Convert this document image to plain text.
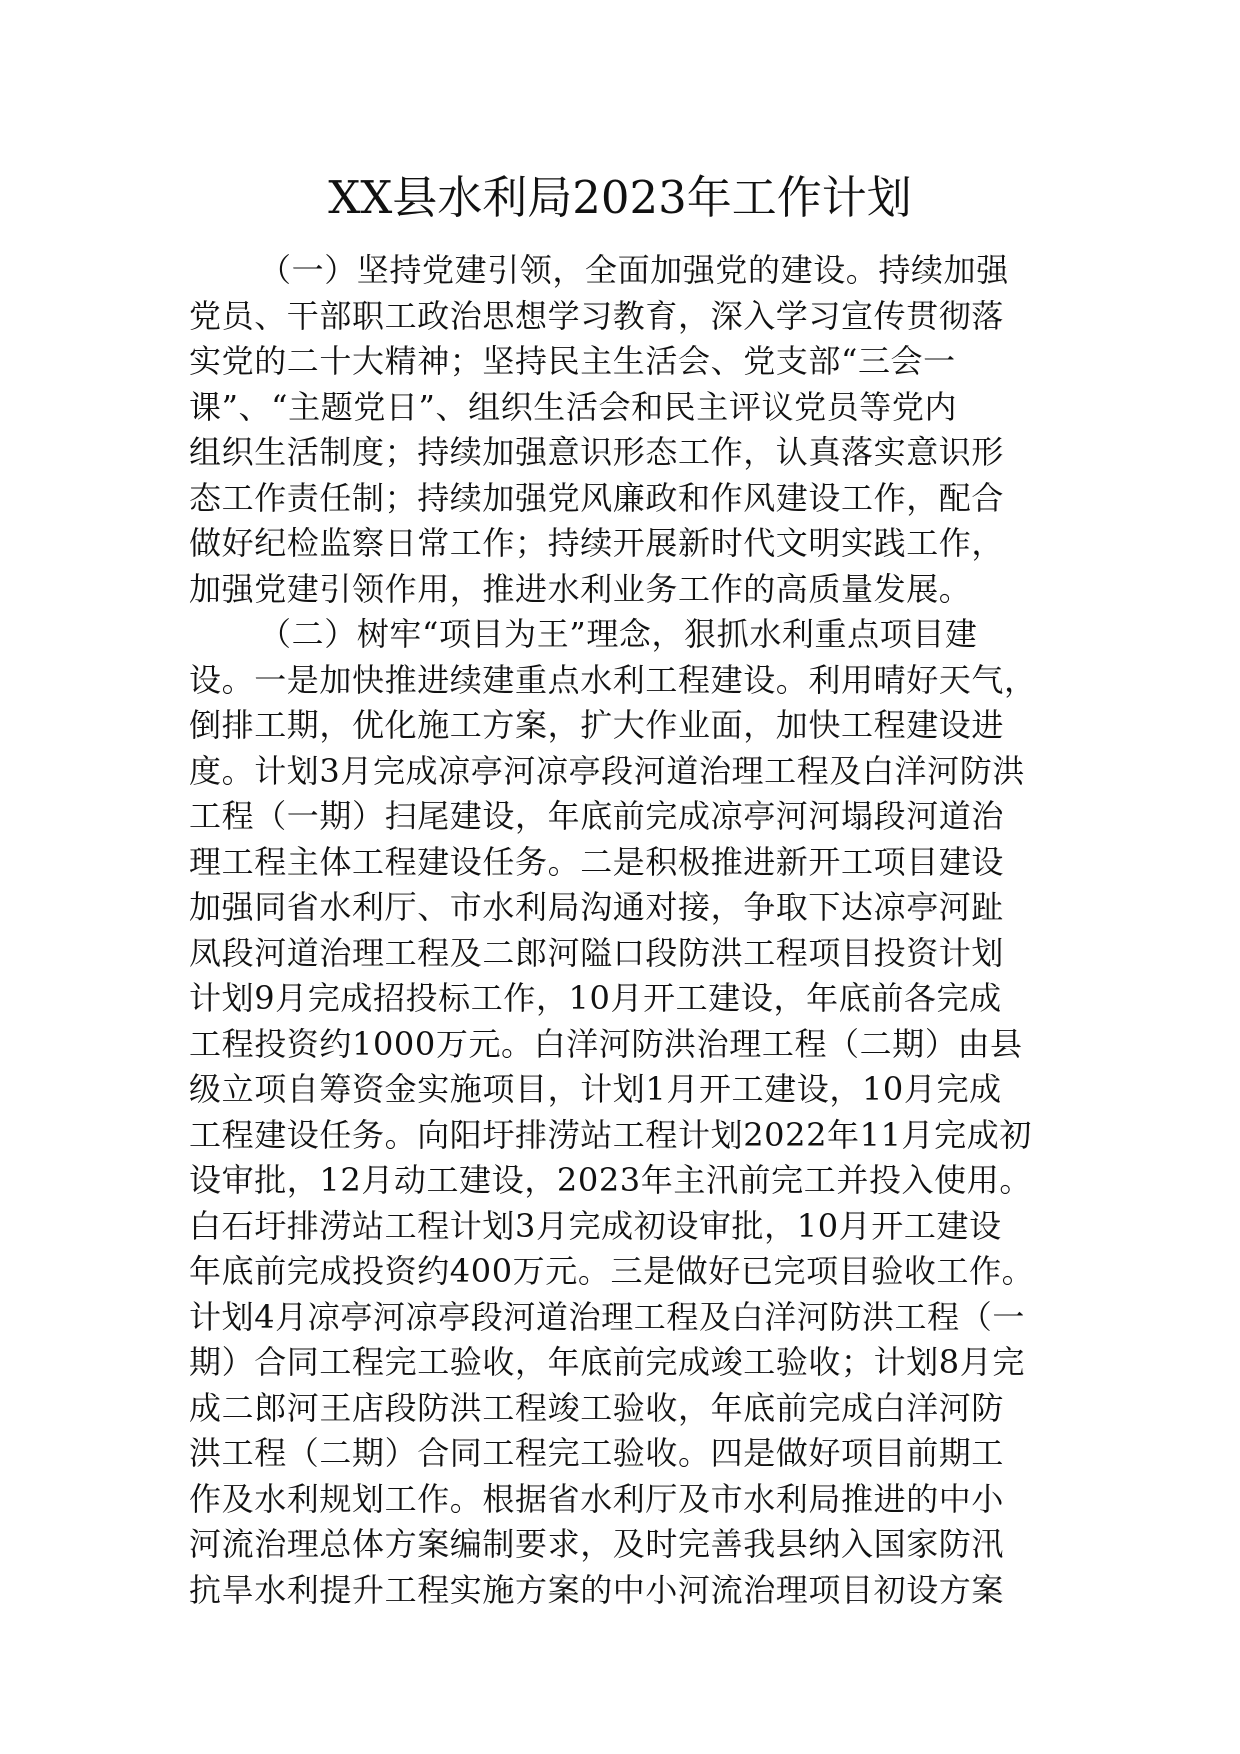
XX县水利局2023年工作计划
（一）坚持党建引领，全面加强党的建设。持续加强
党员、干部职工政治思想学习教育，深入学习宣传贯彻落
实党的二十大精神；坚持民主生活会、党支部“三会一
课”、“主题党日”、组织生活会和民主评议党员等党内
组织生活制度；持续加强意识形态工作，认真落实意识形
态工作责任制；持续加强党风廉政和作风建设工作，配合
做好纪检监察日常工作；持续开展新时代文明实践工作，
加强党建引领作用，推进水利业务工作的高质量发展。
（二）树牢“项目为王”理念，狠抓水利重点项目建
设。一是加快推进续建重点水利工程建设。利用晴好天气，
倒排工期，优化施工方案，扩大作业面，加快工程建设进
度。计划3月完成凉亭河凉亭段河道治理工程及白洋河防洪
工程（一期）扫尾建设，年底前完成凉亭河河塌段河道治
理工程主体工程建设任务。二是积极推进新开工项目建设
加强同省水利厅、市水利局沟通对接，争取下达凉亭河趾
凤段河道治理工程及二郎河隘口段防洪工程项目投资计划
计划9月完成招投标工作，10月开工建设，年底前各完成
工程投资约1000万元。白洋河防洪治理工程（二期）由县
级立项自筹资金实施项目，计划1月开工建设，10月完成
工程建设任务。向阳圩排涝站工程计划2022年11月完成初
设审批，12月动工建设，2023年主汛前完工并投入使用。
白石圩排涝站工程计划3月完成初设审批，10月开工建设
年底前完成投资约400万元。三是做好已完项目验收工作。
计划4月凉亭河凉亭段河道治理工程及白洋河防洪工程（一
期）合同工程完工验收，年底前完成竣工验收；计划8月完
成二郎河王店段防洪工程竣工验收，年底前完成白洋河防
洪工程（二期）合同工程完工验收。四是做好项目前期工
作及水利规划工作。根据省水利厅及市水利局推进的中小
河流治理总体方案编制要求，及时完善我县纳入国家防汛
抗旱水利提升工程实施方案的中小河流治理项目初设方案
